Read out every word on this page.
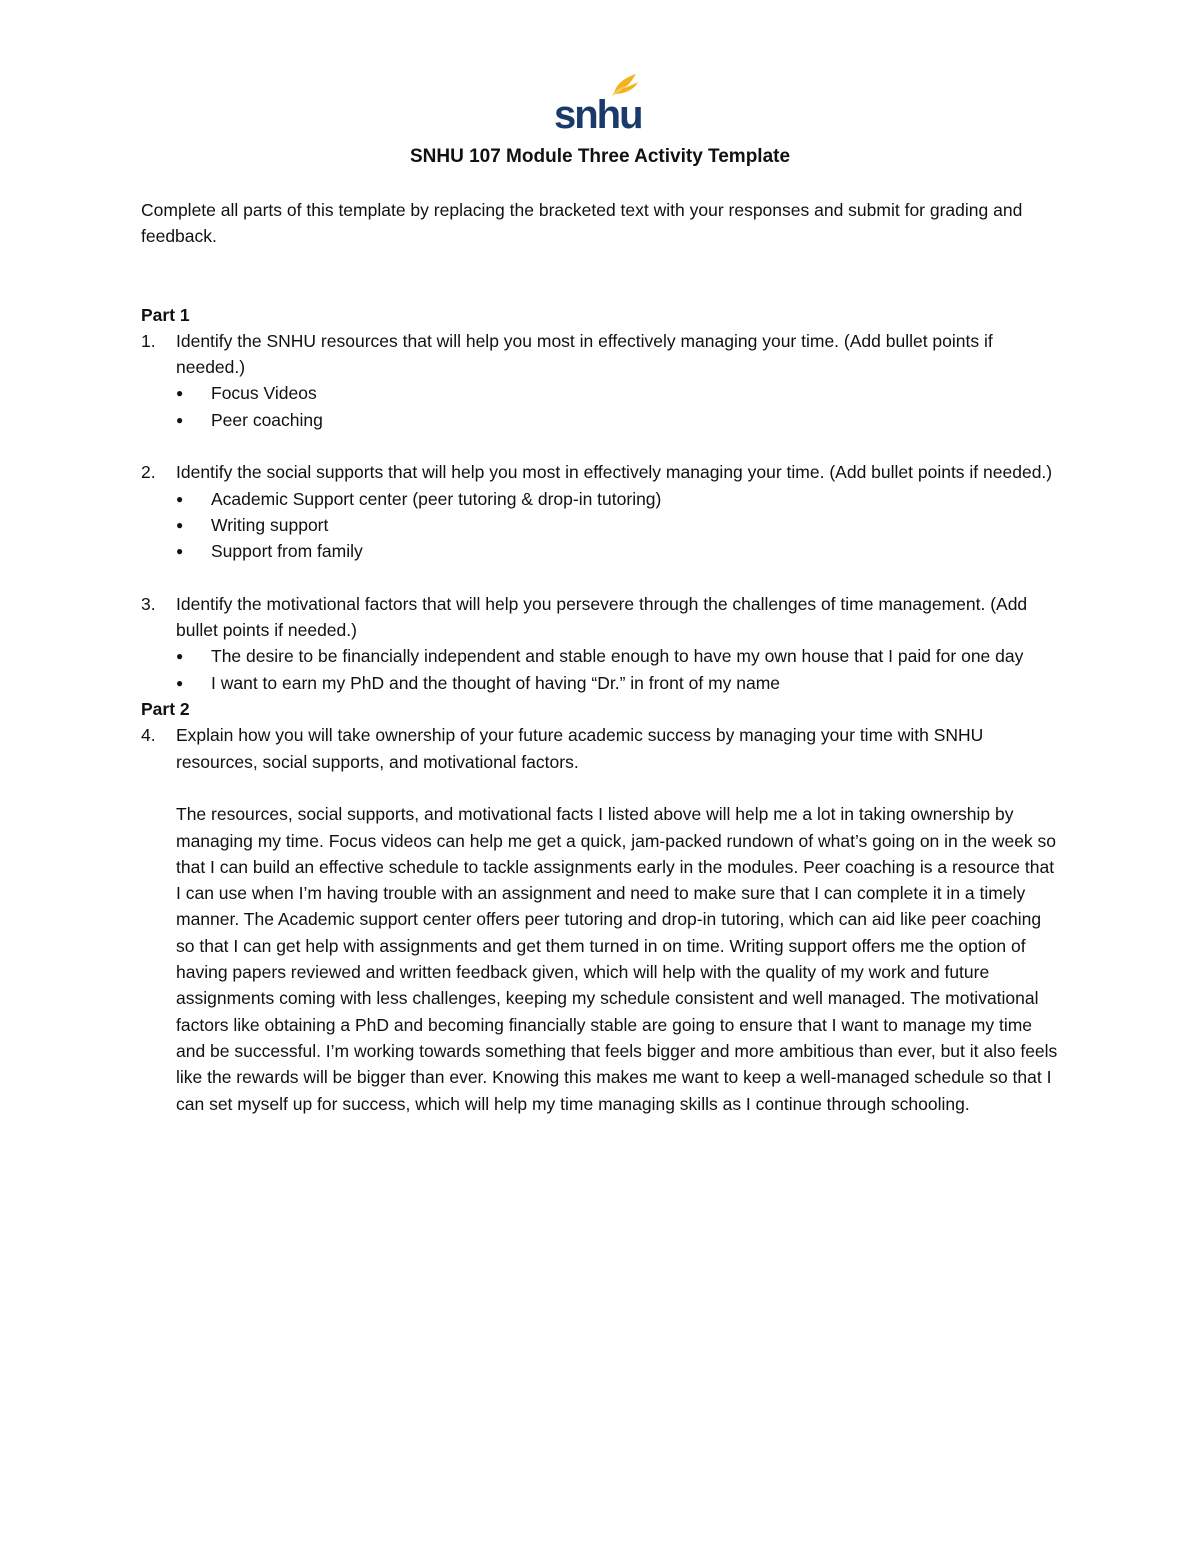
snhu
SNHU 107 Module Three Activity Template

Complete all parts of this template by replacing the bracketed text with your responses and submit for grading and feedback.

Part 1

1.	Identify the SNHU resources that will help you most in effectively managing your time. (Add bullet points if needed.)
●	Focus Videos
●	Peer coaching
2.	Identify the social supports that will help you most in effectively managing your time. (Add bullet points if needed.)
●	Academic Support center (peer tutoring & drop-in tutoring)
●	Writing support
●	Support from family
3.	Identify the motivational factors that will help you persevere through the challenges of time management. (Add bullet points if needed.)
●	The desire to be financially independent and stable enough to have my own house that I paid for one day
●	I want to earn my PhD and the thought of having “Dr.” in front of my name

Part 2

4.	Explain how you will take ownership of your future academic success by managing your time with SNHU resources, social supports, and motivational factors.

The resources, social supports, and motivational facts I listed above will help me a lot in taking ownership by managing my time. Focus videos can help me get a quick, jam-packed rundown of what’s going on in the week so that I can build an effective schedule to tackle assignments early in the modules. Peer coaching is a resource that I can use when I’m having trouble with an assignment and need to make sure that I can complete it in a timely manner. The Academic support center offers peer tutoring and drop-in tutoring, which can aid like peer coaching so that I can get help with assignments and get them turned in on time. Writing support offers me the option of having papers reviewed and written feedback given, which will help with the quality of my work and future assignments coming with less challenges, keeping my schedule consistent and well managed. The motivational factors like obtaining a PhD and becoming financially stable are going to ensure that I want to manage my time and be successful. I’m working towards something that feels bigger and more ambitious than ever, but it also feels like the rewards will be bigger than ever. Knowing this makes me want to keep a well-managed schedule so that I can set myself up for success, which will help my time managing skills as I continue through schooling.
